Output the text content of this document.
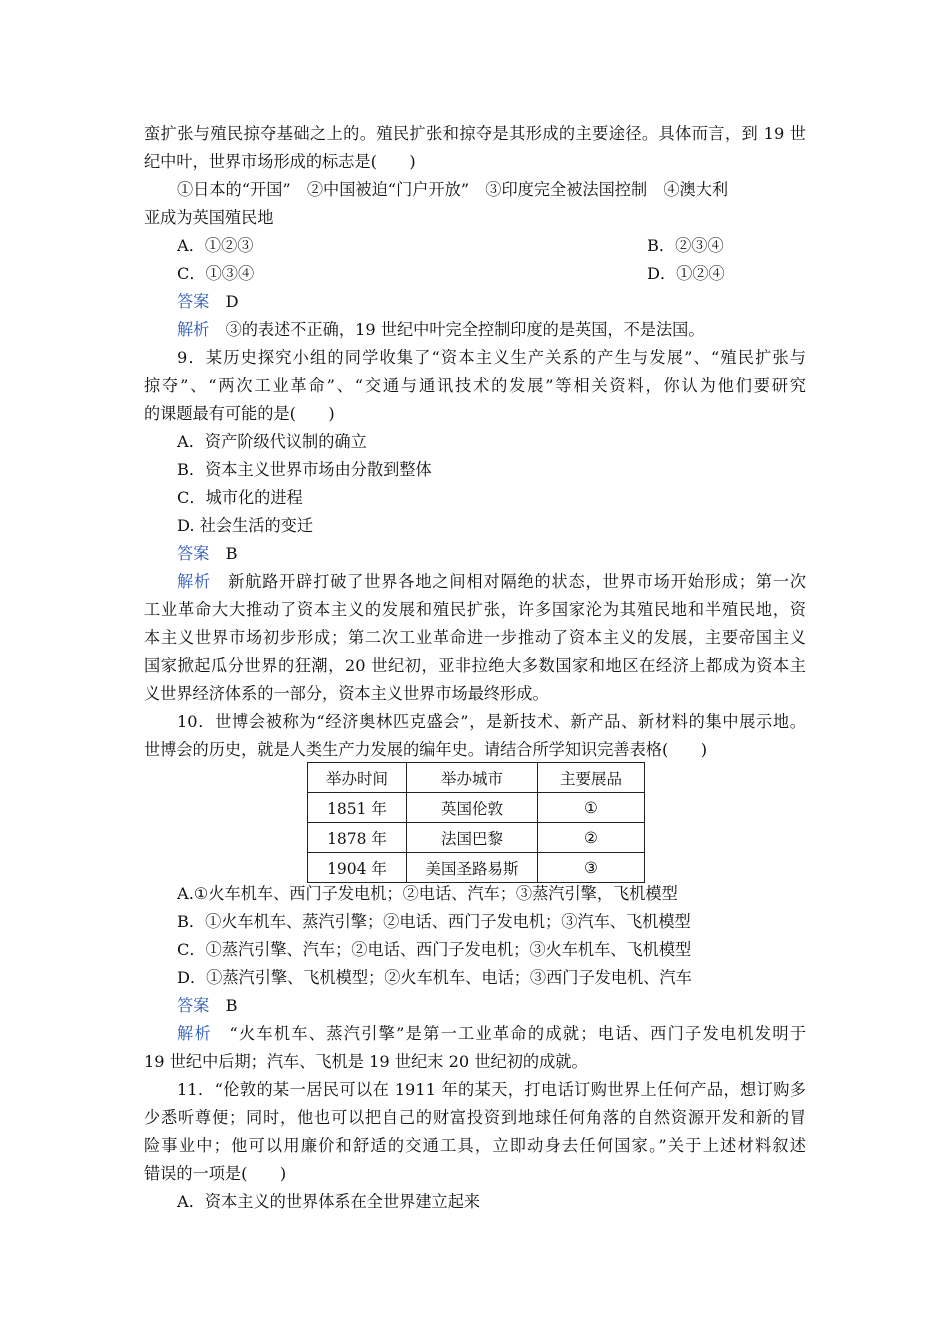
蛮扩张与殖民掠夺基础之上的。殖民扩张和掠夺是其形成的主要途径。具体而言，到 19 世
纪中叶，世界市场形成的标志是(　　)
①日本的“开国”　②中国被迫“门户开放”　③印度完全被法国控制　④澳大利
亚成为英国殖民地
A．①②③	B．②③④
C．①③④	D．①②④
答案　 D
解析　 ③的表述不正确，19 世纪中叶完全控制印度的是英国，不是法国。
9．某历史探究小组的同学收集了“资本主义生产关系的产生与发展”、“殖民扩张与
掠夺”、“两次工业革命”、“交通与通讯技术的发展”等相关资料，你认为他们要研究
的课题最有可能的是(　　)
A．资产阶级代议制的确立
B．资本主义世界市场由分散到整体
C．城市化的进程
D. 社会生活的变迁
答案　 B
解析　 新航路开辟打破了世界各地之间相对隔绝的状态，世界市场开始形成；第一次
工业革命大大推动了资本主义的发展和殖民扩张，许多国家沦为其殖民地和半殖民地，资
本主义世界市场初步形成；第二次工业革命进一步推动了资本主义的发展，主要帝国主义
国家掀起瓜分世界的狂潮，20 世纪初，亚非拉绝大多数国家和地区在经济上都成为资本主
义世界经济体系的一部分，资本主义世界市场最终形成。
10．世博会被称为“经济奥林匹克盛会”，是新技术、新产品、新材料的集中展示地。
世博会的历史，就是人类生产力发展的编年史。请结合所学知识完善表格(　　)
举办时间	举办城市	主要展品
1851 年	英国伦敦	①
1878 年	法国巴黎	②
1904 年	美国圣路易斯	③
A.①火车机车、西门子发电机；②电话、汽车；③蒸汽引擎，飞机模型
B．①火车机车、蒸汽引擎；②电话、西门子发电机；③汽车、飞机模型
C．①蒸汽引擎、汽车；②电话、西门子发电机；③火车机车、飞机模型
D．①蒸汽引擎、飞机模型；②火车机车、电话；③西门子发电机、汽车
答案　 B
解析　 “火车机车、蒸汽引擎”是第一工业革命的成就；电话、西门子发电机发明于
19 世纪中后期；汽车、飞机是 19 世纪末 20 世纪初的成就。
11．“伦敦的某一居民可以在 1911 年的某天，打电话订购世界上任何产品，想订购多
少悉听尊便；同时，他也可以把自己的财富投资到地球任何角落的自然资源开发和新的冒
险事业中；他可以用廉价和舒适的交通工具，立即动身去任何国家。”关于上述材料叙述
错误的一项是(　　)
A．资本主义的世界体系在全世界建立起来
